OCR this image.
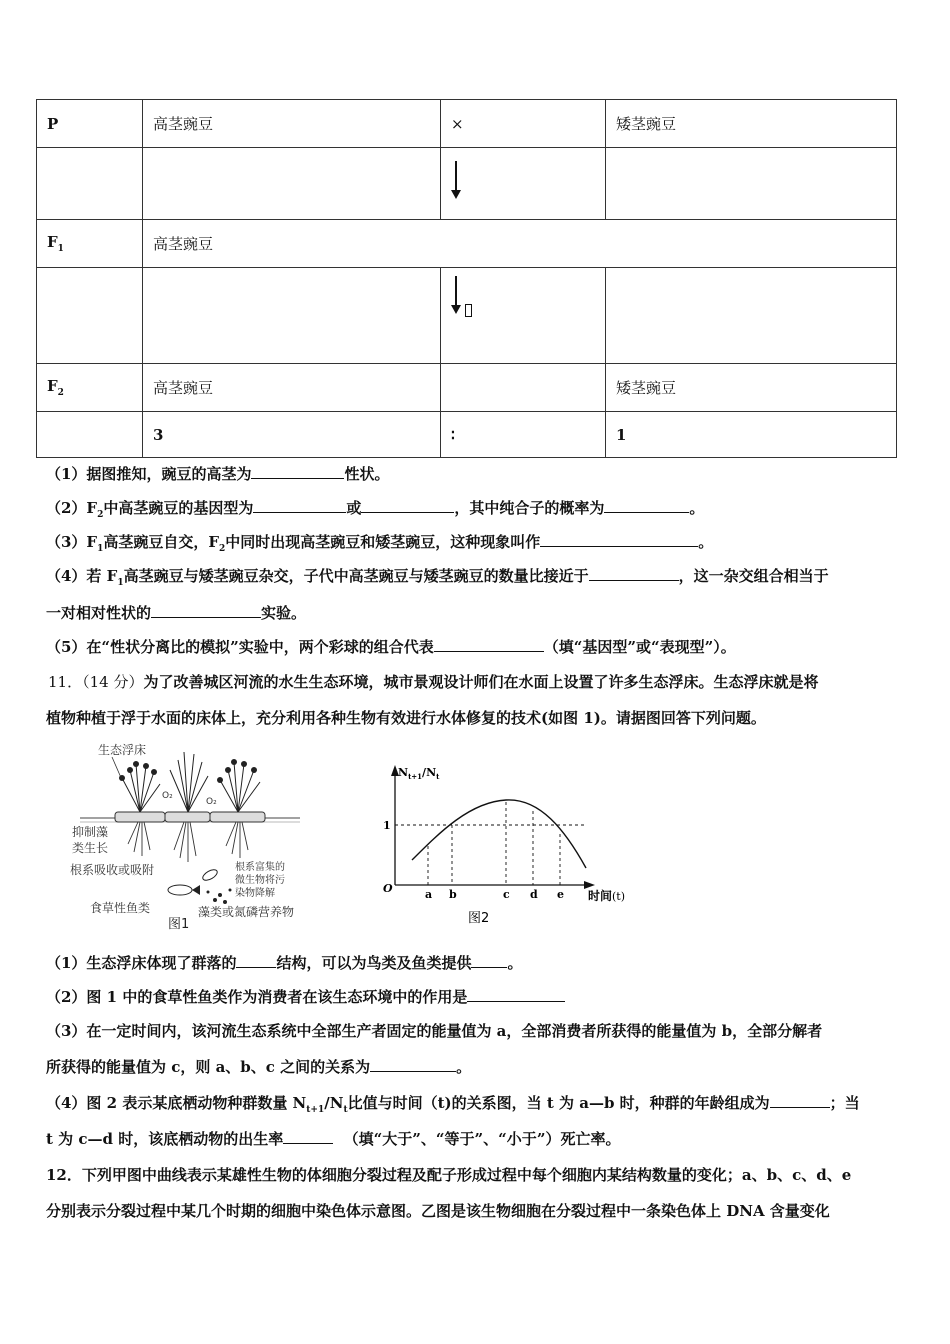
P	高茎豌豆	×	矮茎豌豆

$F_1$	高茎豌豆		

$F_2$	高茎豌豆		矮茎豌豆
	3	∶	1
（1）据图推知，豌豆的高茎为	性状。
$(2)F_2$中高茎豌豆的基因型为	或	，其中纯合子的概率为	。
$(3)F_1$高茎豌豆自交，$F_2$中同时出现高茎豌豆和矮茎豌豆，这种现象叫作	。
（4）若 $F_1$高茎豌豆与矮茎豌豆杂交，子代中高茎豌豆与矮茎豌豆的数量比接近于	，这一杂交组合相当于
一对相对性状的	实验。
（5）在“性状分离比的模拟”实验中，两个彩球的组合代表	（填“基因型”或“表现型”）。
11．（14 分）为了改善城区河流的水生生态环境，城市景观设计师们在水面上设置了许多生态浮床。生态浮床就是将
植物种植于浮于水面的床体上，充分利用各种生物有效进行水体修复的技术(如图 1)。请据图回答下列问题。
生态浮床
O₂
O₂
抑制藻
类生长
根系吸收或吸附	根系富集的
微生物将污
染物降解
食草性鱼类	藻类或氮磷营养物
图1
$N_{t+1}/N_t$
O
1
a b	c d e 时间(t)
图2
（1）生态浮床体现了群落的	结构，可以为鸟类及鱼类提供 。
（2）图 1 中的食草性鱼类作为消费者在该生态环境中的作用是
（3）在一定时间内，该河流生态系统中全部生产者固定的能量值为 a，全部消费者所获得的能量值为 b，全部分解者
所获得的能量值为 c，则 a、b、c 之间的关系为	。
（4）图 2 表示某底栖动物种群数量 $N_{t+1}/N_t$比值与时间（t)的关系图，当 t 为 a—b 时，种群的年龄组成为	；当
t 为 c—d 时，该底栖动物的出生率	（填“大于”、“等于”、“小于”）死亡率。
12．下列甲图中曲线表示某雄性生物的体细胞分裂过程及配子形成过程中每个细胞内某结构数量的变化；a、b、c、d、e
分别表示分裂过程中某几个时期的细胞中染色体示意图。乙图是该生物细胞在分裂过程中一条染色体上 DNA 含量变化
